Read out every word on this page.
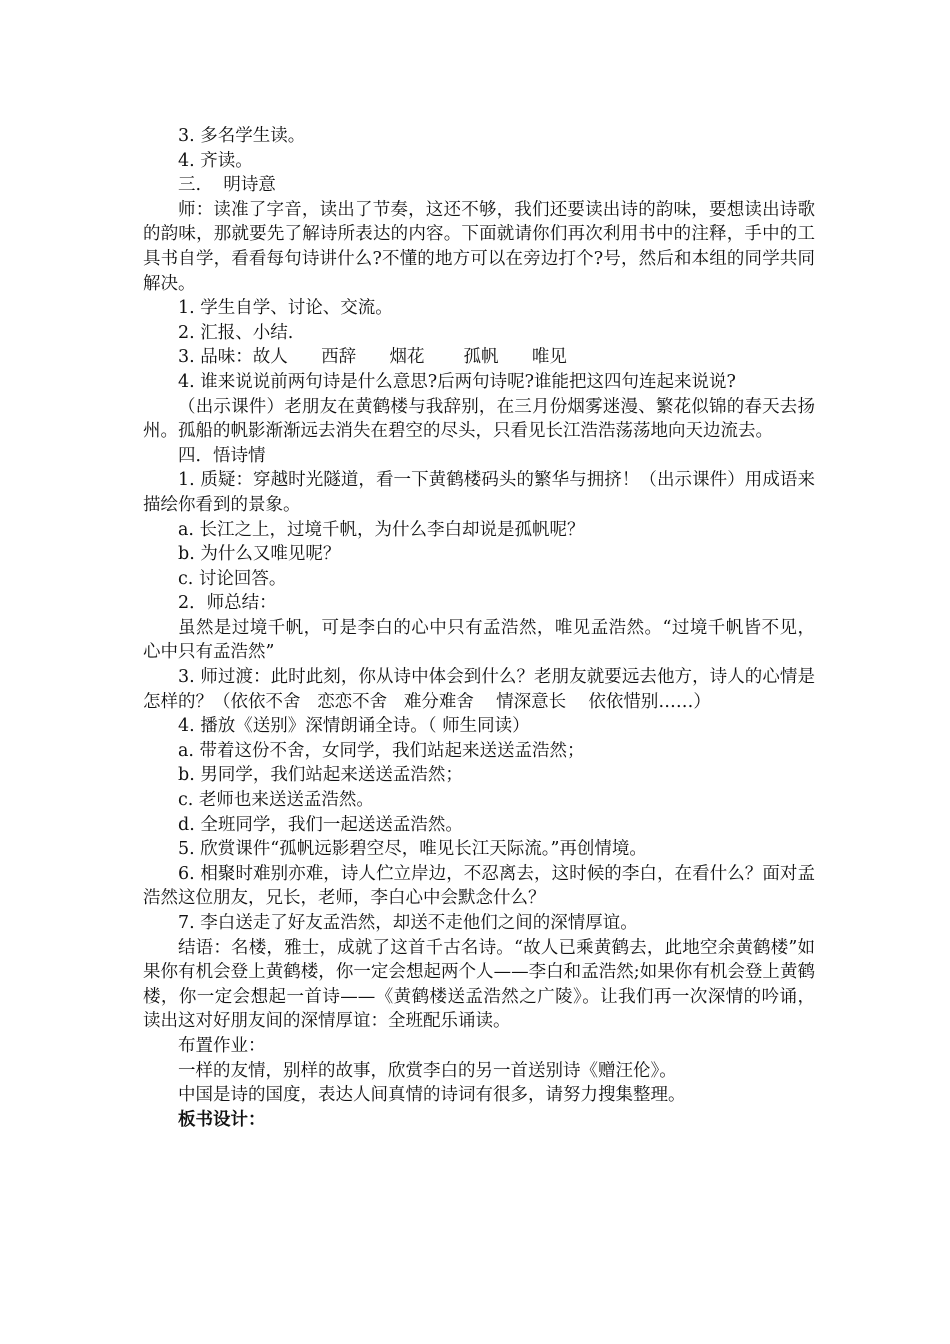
3. 多名学生读。

4. 齐读。

三.    明诗意

师：读准了字音，读出了节奏，这还不够，我们还要读出诗的韵味，要想读出诗歌的韵味，那就要先了解诗所表达的内容。下面就请你们再次利用书中的注释，手中的工具书自学，看看每句诗讲什么?不懂的地方可以在旁边打个?号，然后和本组的同学共同解决。

1. 学生自学、讨论、交流。

2. 汇报、小结.

3. 品味：故人      西辞      烟花       孤帆      唯见

4. 谁来说说前两句诗是什么意思?后两句诗呢?谁能把这四句连起来说说?

（出示课件）老朋友在黄鹤楼与我辞别，在三月份烟雾迷漫、繁花似锦的春天去扬州。孤船的帆影渐渐远去消失在碧空的尽头，只看见长江浩浩荡荡地向天边流去。

四．悟诗情

1. 质疑：穿越时光隧道，看一下黄鹤楼码头的繁华与拥挤！（出示课件）用成语来描绘你看到的景象。

a. 长江之上，过境千帆，为什么李白却说是孤帆呢？

b. 为什么又唯见呢？

c. 讨论回答。

2．师总结：

虽然是过境千帆，可是李白的心中只有孟浩然，唯见孟浩然。“过境千帆皆不见，心中只有孟浩然”

3. 师过渡：此时此刻，你从诗中体会到什么？老朋友就要远去他方，诗人的心情是怎样的？（依依不舍   恋恋不舍   难分难舍    情深意长    依依惜别……）

4. 播放《送别》深情朗诵全诗。（ 师生同读）

a. 带着这份不舍，女同学，我们站起来送送孟浩然；

b. 男同学，我们站起来送送孟浩然；

c. 老师也来送送孟浩然。

d. 全班同学，我们一起送送孟浩然。

5. 欣赏课件“孤帆远影碧空尽，唯见长江天际流。”再创情境。

6. 相聚时难别亦难，诗人伫立岸边，不忍离去，这时候的李白，在看什么？面对孟浩然这位朋友，兄长，老师，李白心中会默念什么？

7. 李白送走了好友孟浩然，却送不走他们之间的深情厚谊。

结语：名楼，雅士，成就了这首千古名诗。“故人已乘黄鹤去，此地空余黄鹤楼”如果你有机会登上黄鹤楼，你一定会想起两个人——李白和孟浩然;如果你有机会登上黄鹤楼，你一定会想起一首诗——《黄鹤楼送孟浩然之广陵》。让我们再一次深情的吟诵，读出这对好朋友间的深情厚谊：全班配乐诵读。

布置作业：

一样的友情，别样的故事，欣赏李白的另一首送别诗《赠汪伦》。

中国是诗的国度，表达人间真情的诗词有很多，请努力搜集整理。

板书设计：
